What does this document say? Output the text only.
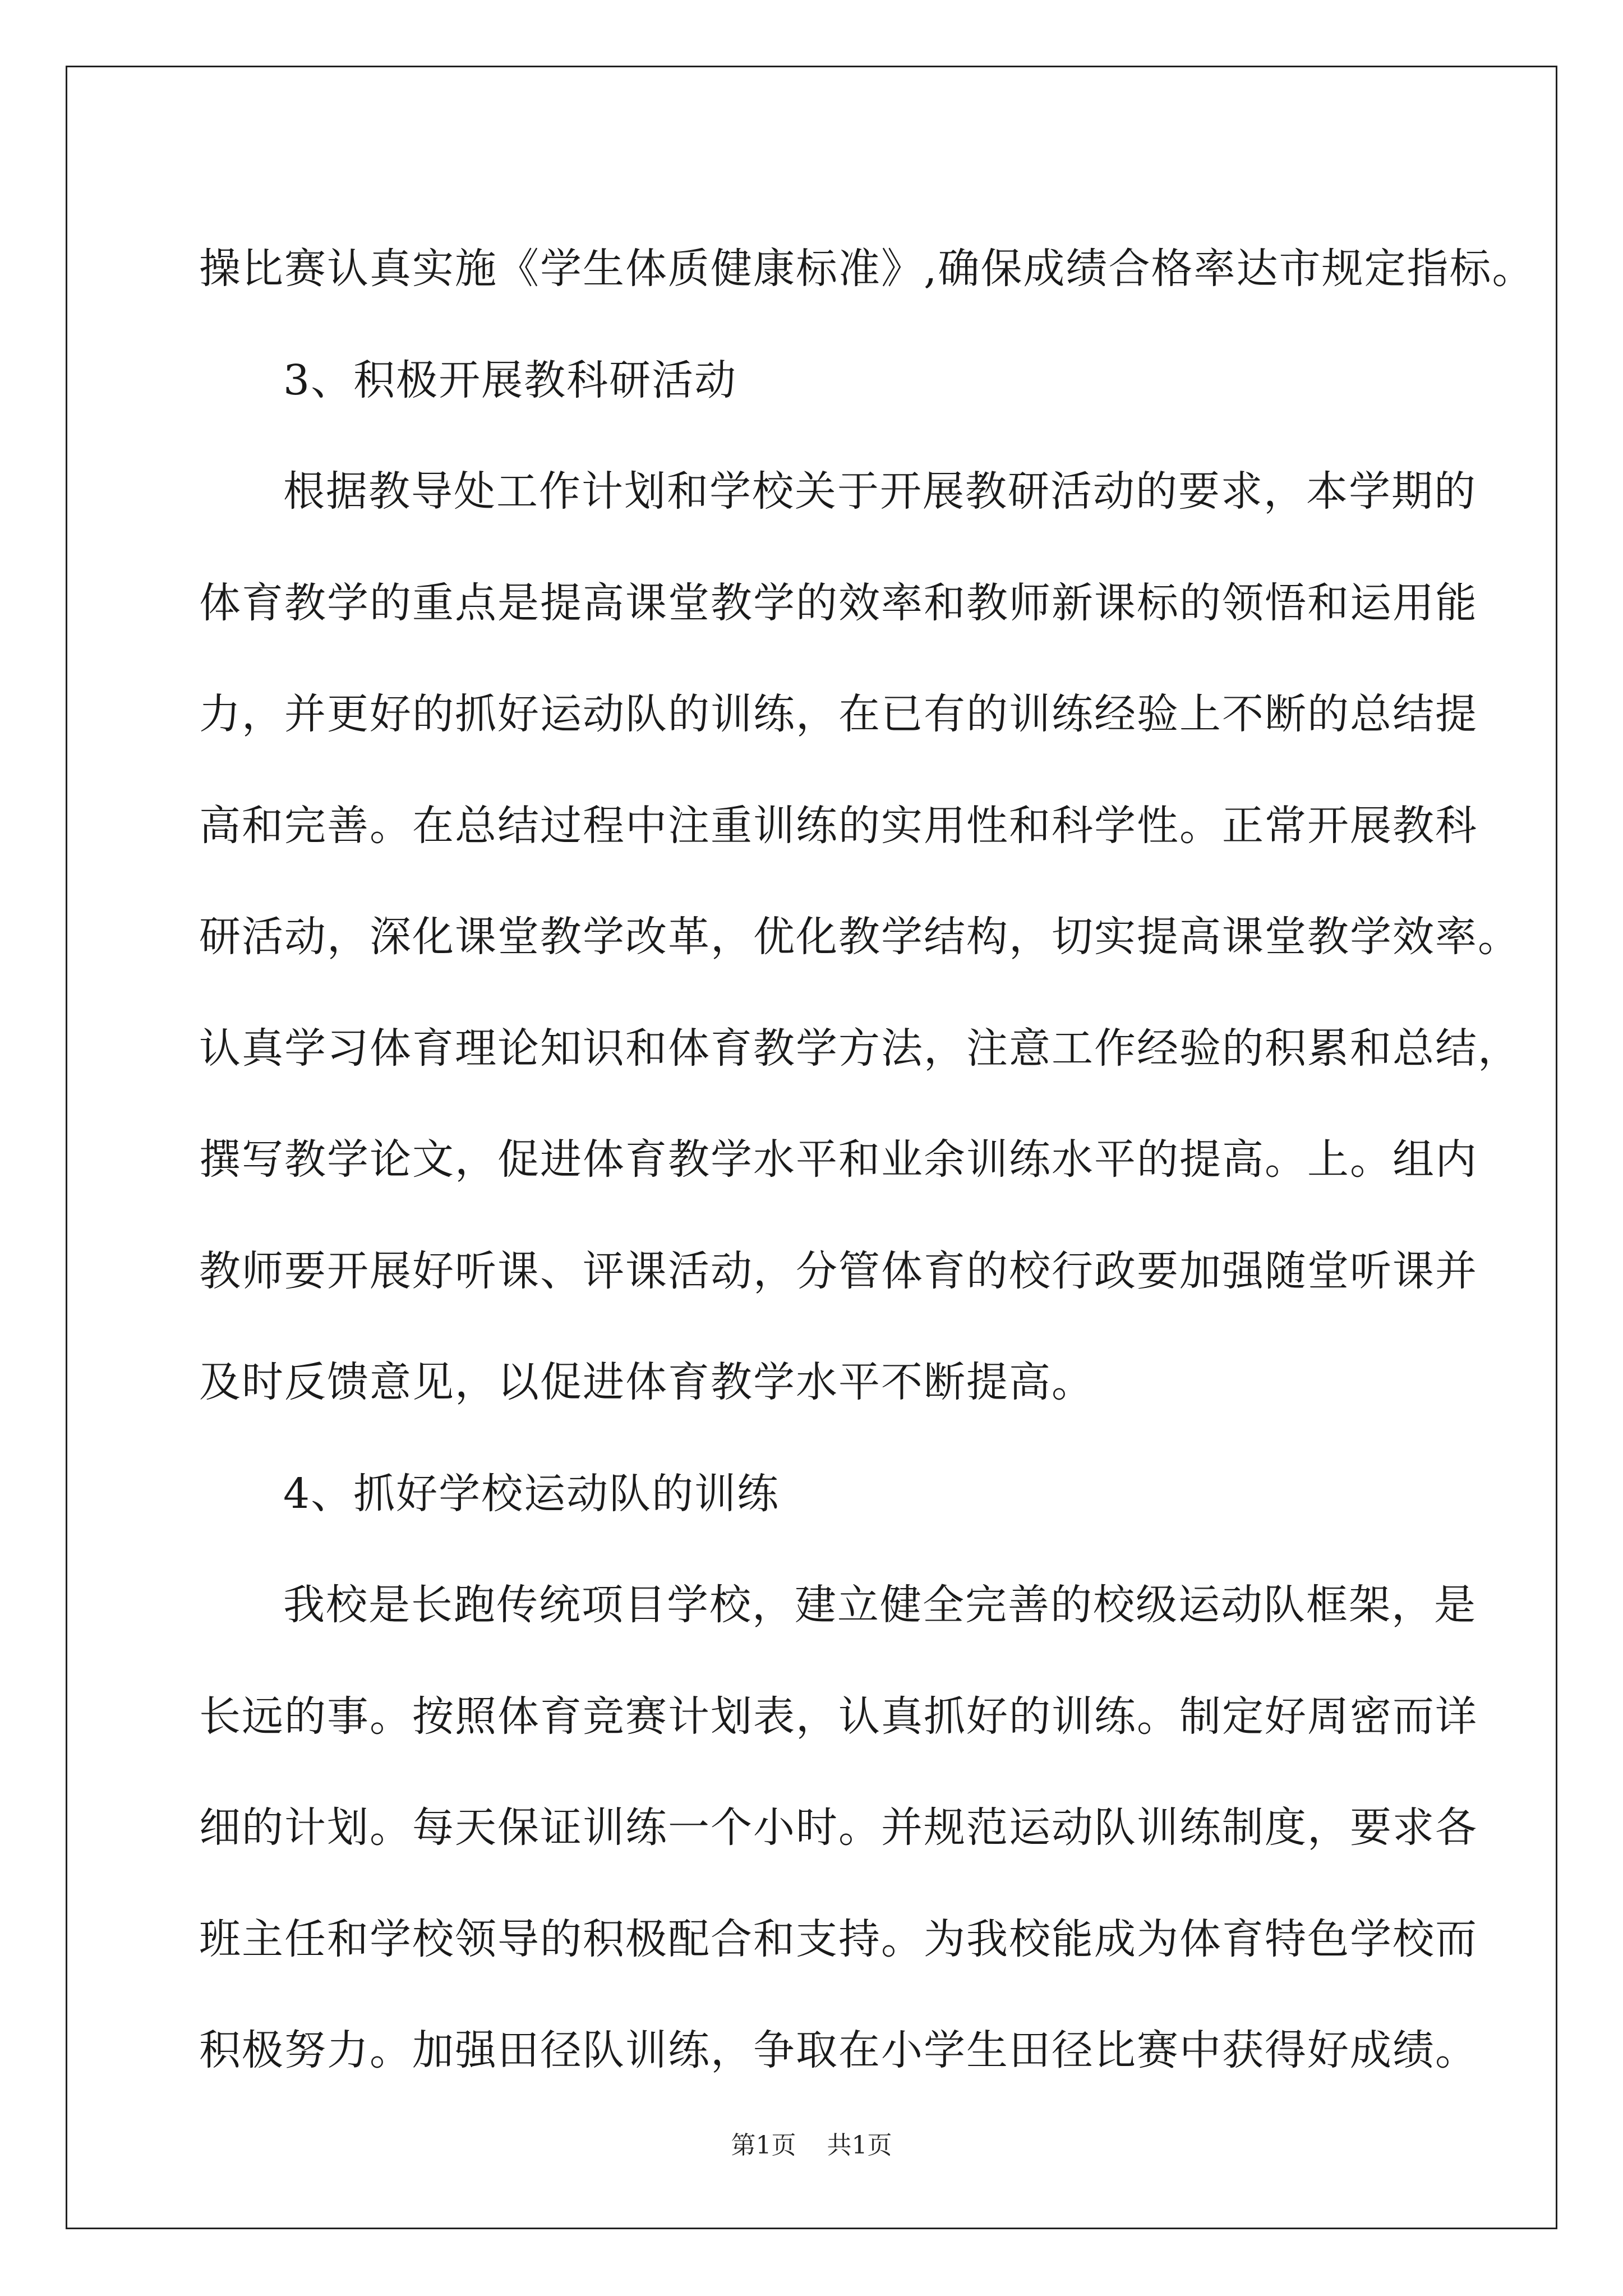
操比赛认真实施《学生体质健康标准》,确保成绩合格率达市规定指标。
3、积极开展教科研活动
根据教导处工作计划和学校关于开展教研活动的要求，本学期的
体育教学的重点是提高课堂教学的效率和教师新课标的领悟和运用能
力，并更好的抓好运动队的训练，在已有的训练经验上不断的总结提
高和完善。在总结过程中注重训练的实用性和科学性。正常开展教科
研活动，深化课堂教学改革，优化教学结构，切实提高课堂教学效率。
认真学习体育理论知识和体育教学方法，注意工作经验的积累和总结，
撰写教学论文，促进体育教学水平和业余训练水平的提高。上。组内
教师要开展好听课、评课活动，分管体育的校行政要加强随堂听课并
及时反馈意见，以促进体育教学水平不断提高。
4、抓好学校运动队的训练
我校是长跑传统项目学校，建立健全完善的校级运动队框架，是
长远的事。按照体育竞赛计划表，认真抓好的训练。制定好周密而详
细的计划。每天保证训练一个小时。并规范运动队训练制度，要求各
班主任和学校领导的积极配合和支持。为我校能成为体育特色学校而
积极努力。加强田径队训练，争取在小学生田径比赛中获得好成绩。
第1页 共1页
